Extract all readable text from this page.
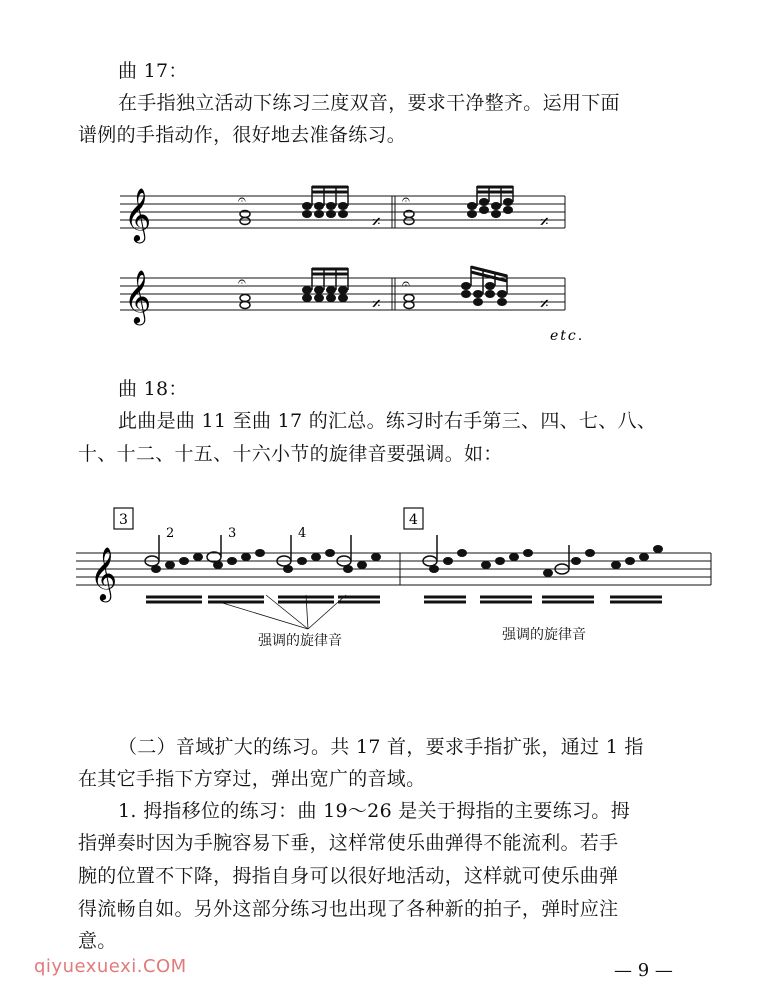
曲 17：
在手指独立活动下练习三度双音，要求干净整齐。运用下面
谱例的手指动作，很好地去准备练习。
𝄞	𝄐
𝄎
𝄐
𝄎
𝄞	𝄐
𝄎
𝄐
𝄎
etc.
曲 18：
此曲是曲 11 至曲 17 的汇总。练习时右手第三、四、七、八、
十、十二、十五、十六小节的旋律音要强调。如：
3	4
𝄞
2	3	4
强调的旋律音	强调的旋律音
（二）音域扩大的练习。共 17 首，要求手指扩张，通过 1 指
在其它手指下方穿过，弹出宽广的音域。
1. 拇指移位的练习：曲 19～26 是关于拇指的主要练习。拇
指弹奏时因为手腕容易下垂，这样常使乐曲弹得不能流利。若手
腕的位置不下降，拇指自身可以很好地活动，这样就可使乐曲弹
得流畅自如。另外这部分练习也出现了各种新的拍子，弹时应注
意。
qiyuexuexi.COM	— 9 —
